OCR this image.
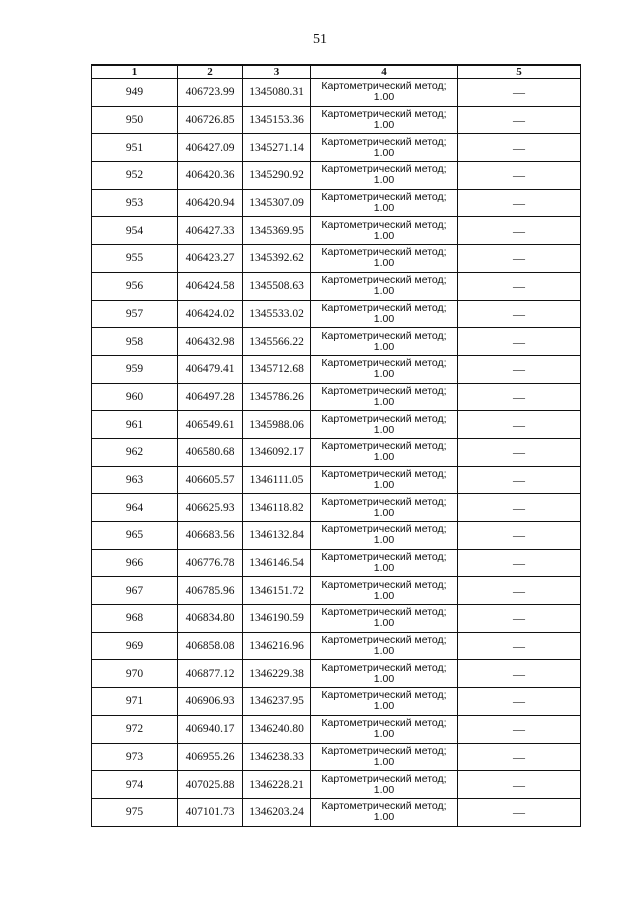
51
1	2	3	4	5
949	406723.99	1345080.31	Картометрический метод; 1.00	—
950	406726.85	1345153.36	Картометрический метод; 1.00	—
951	406427.09	1345271.14	Картометрический метод; 1.00	—
952	406420.36	1345290.92	Картометрический метод; 1.00	—
953	406420.94	1345307.09	Картометрический метод; 1.00	—
954	406427.33	1345369.95	Картометрический метод; 1.00	—
955	406423.27	1345392.62	Картометрический метод; 1.00	—
956	406424.58	1345508.63	Картометрический метод; 1.00	—
957	406424.02	1345533.02	Картометрический метод; 1.00	—
958	406432.98	1345566.22	Картометрический метод; 1.00	—
959	406479.41	1345712.68	Картометрический метод; 1.00	—
960	406497.28	1345786.26	Картометрический метод; 1.00	—
961	406549.61	1345988.06	Картометрический метод; 1.00	—
962	406580.68	1346092.17	Картометрический метод; 1.00	—
963	406605.57	1346111.05	Картометрический метод; 1.00	—
964	406625.93	1346118.82	Картометрический метод; 1.00	—
965	406683.56	1346132.84	Картометрический метод; 1.00	—
966	406776.78	1346146.54	Картометрический метод; 1.00	—
967	406785.96	1346151.72	Картометрический метод; 1.00	—
968	406834.80	1346190.59	Картометрический метод; 1.00	—
969	406858.08	1346216.96	Картометрический метод; 1.00	—
970	406877.12	1346229.38	Картометрический метод; 1.00	—
971	406906.93	1346237.95	Картометрический метод; 1.00	—
972	406940.17	1346240.80	Картометрический метод; 1.00	—
973	406955.26	1346238.33	Картометрический метод; 1.00	—
974	407025.88	1346228.21	Картометрический метод; 1.00	—
975	407101.73	1346203.24	Картометрический метод; 1.00	—
